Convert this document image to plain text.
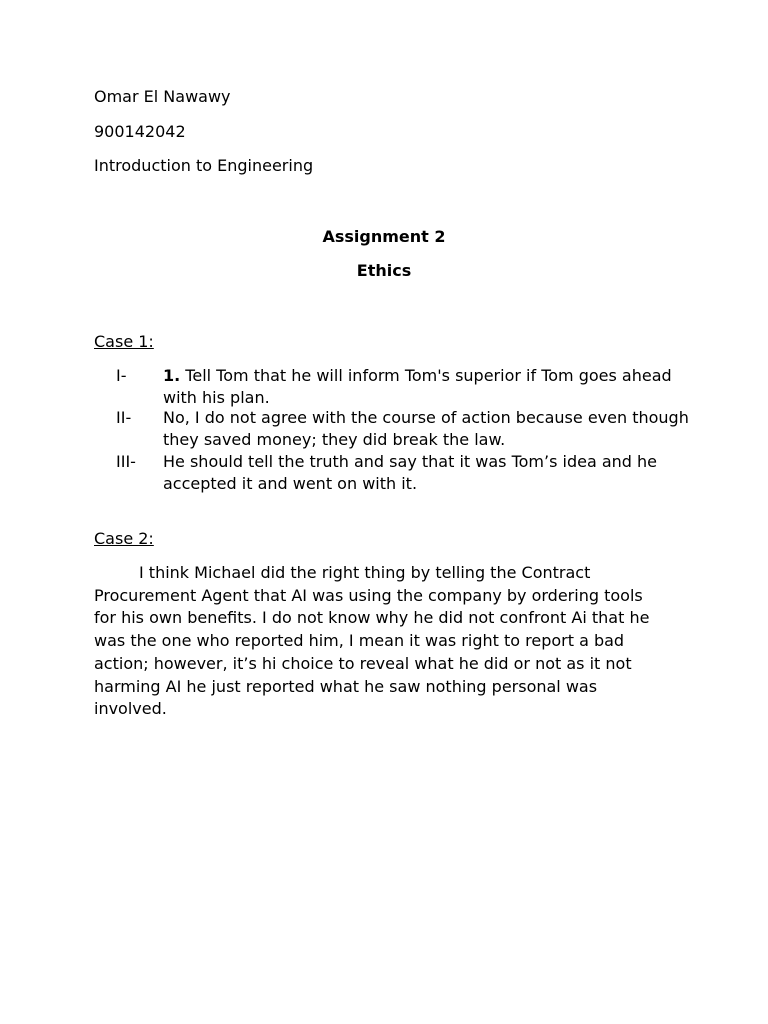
Omar El Nawawy
900142042
Introduction to Engineering
Assignment 2
Ethics
Case 1:
I- 1. Tell Tom that he will inform Tom's superior if Tom goes ahead with his plan.
II- No, I do not agree with the course of action because even though they saved money; they did break the law.
III- He should tell the truth and say that it was Tom’s idea and he accepted it and went on with it.
Case 2:
I think Michael did the right thing by telling the Contract Procurement Agent that AI was using the company by ordering tools for his own benefits. I do not know why he did not confront Ai that he was the one who reported him, I mean it was right to report a bad action; however, it’s hi choice to reveal what he did or not as it not harming AI he just reported what he saw nothing personal was involved.
